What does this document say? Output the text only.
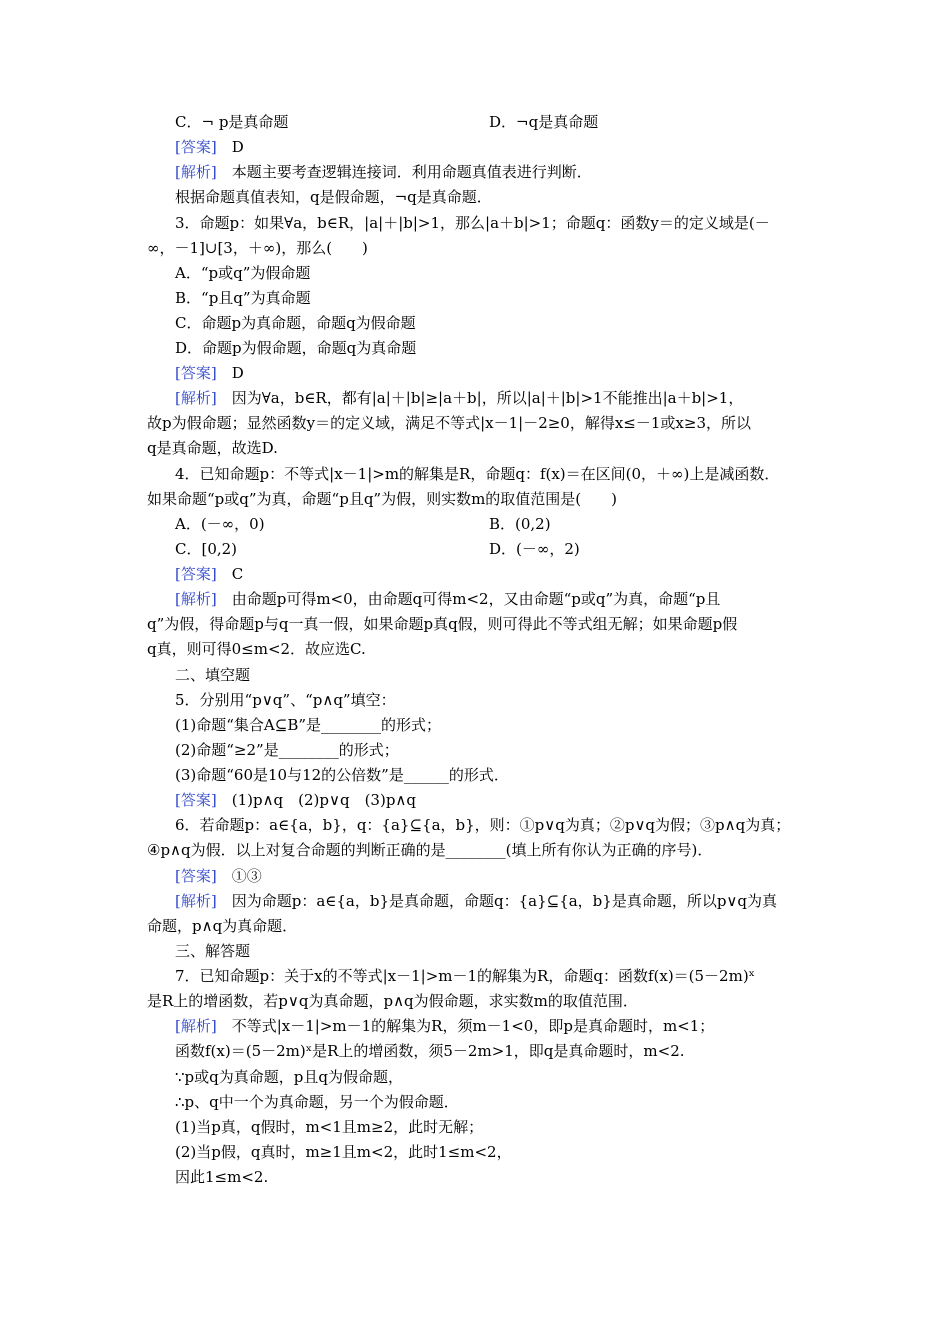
C．¬ p是真命题	D．¬q是真命题
[答案]　D
[解析]　本题主要考查逻辑连接词．利用命题真值表进行判断．
根据命题真值表知，q是假命题，¬q是真命题．
3．命题p：如果∀a，b∈R，|a|＋|b|>1，那么|a＋b|>1；命题q：函数y＝的定义域是(－
∞，－1]∪[3，＋∞)，那么(　　)
A．“p或q”为假命题
B．“p且q”为真命题
C．命题p为真命题，命题q为假命题
D．命题p为假命题，命题q为真命题
[答案]　D
[解析]　因为∀a，b∈R，都有|a|＋|b|≥|a＋b|，所以|a|＋|b|>1不能推出|a＋b|>1，
故p为假命题；显然函数y＝的定义域，满足不等式|x－1|－2≥0，解得x≤－1或x≥3，所以
q是真命题，故选D.
4．已知命题p：不等式|x－1|>m的解集是R，命题q：f(x)＝在区间(0，＋∞)上是减函数．
如果命题“p或q”为真，命题“p且q”为假，则实数m的取值范围是(　　)
A．(－∞，0)	B．(0,2)
C．[0,2)	D．(－∞，2)
[答案]　C
[解析]　由命题p可得m<0，由命题q可得m<2，又由命题“p或q”为真，命题“p且
q”为假，得命题p与q一真一假，如果命题p真q假，则可得此不等式组无解；如果命题p假
q真，则可得0≤m<2．故应选C.
二、填空题
5．分别用“p∨q”、“p∧q”填空：
(1)命题“集合A⊆B”是________的形式；
(2)命题“≥2”是________的形式；
(3)命题“60是10与12的公倍数”是______的形式．
[答案]　(1)p∧q　(2)p∨q　(3)p∧q
6．若命题p：a∈{a，b}，q：{a}⊆{a，b}，则：①p∨q为真；②p∨q为假；③p∧q为真；
④p∧q为假．以上对复合命题的判断正确的是________(填上所有你认为正确的序号)．
[答案]　①③
[解析]　因为命题p：a∈{a，b}是真命题，命题q：{a}⊆{a，b}是真命题，所以p∨q为真
命题，p∧q为真命题．
三、解答题
7．已知命题p：关于x的不等式|x－1|>m－1的解集为R，命题q：函数f(x)＝(5－2m)ˣ
是R上的增函数，若p∨q为真命题，p∧q为假命题，求实数m的取值范围．
[解析]　不等式|x－1|>m－1的解集为R，须m－1<0，即p是真命题时，m<1；
函数f(x)＝(5－2m)ˣ是R上的增函数，须5－2m>1，即q是真命题时，m<2.
∵p或q为真命题，p且q为假命题，
∴p、q中一个为真命题，另一个为假命题．
(1)当p真，q假时，m<1且m≥2，此时无解；
(2)当p假，q真时，m≥1且m<2，此时1≤m<2，
因此1≤m<2.
